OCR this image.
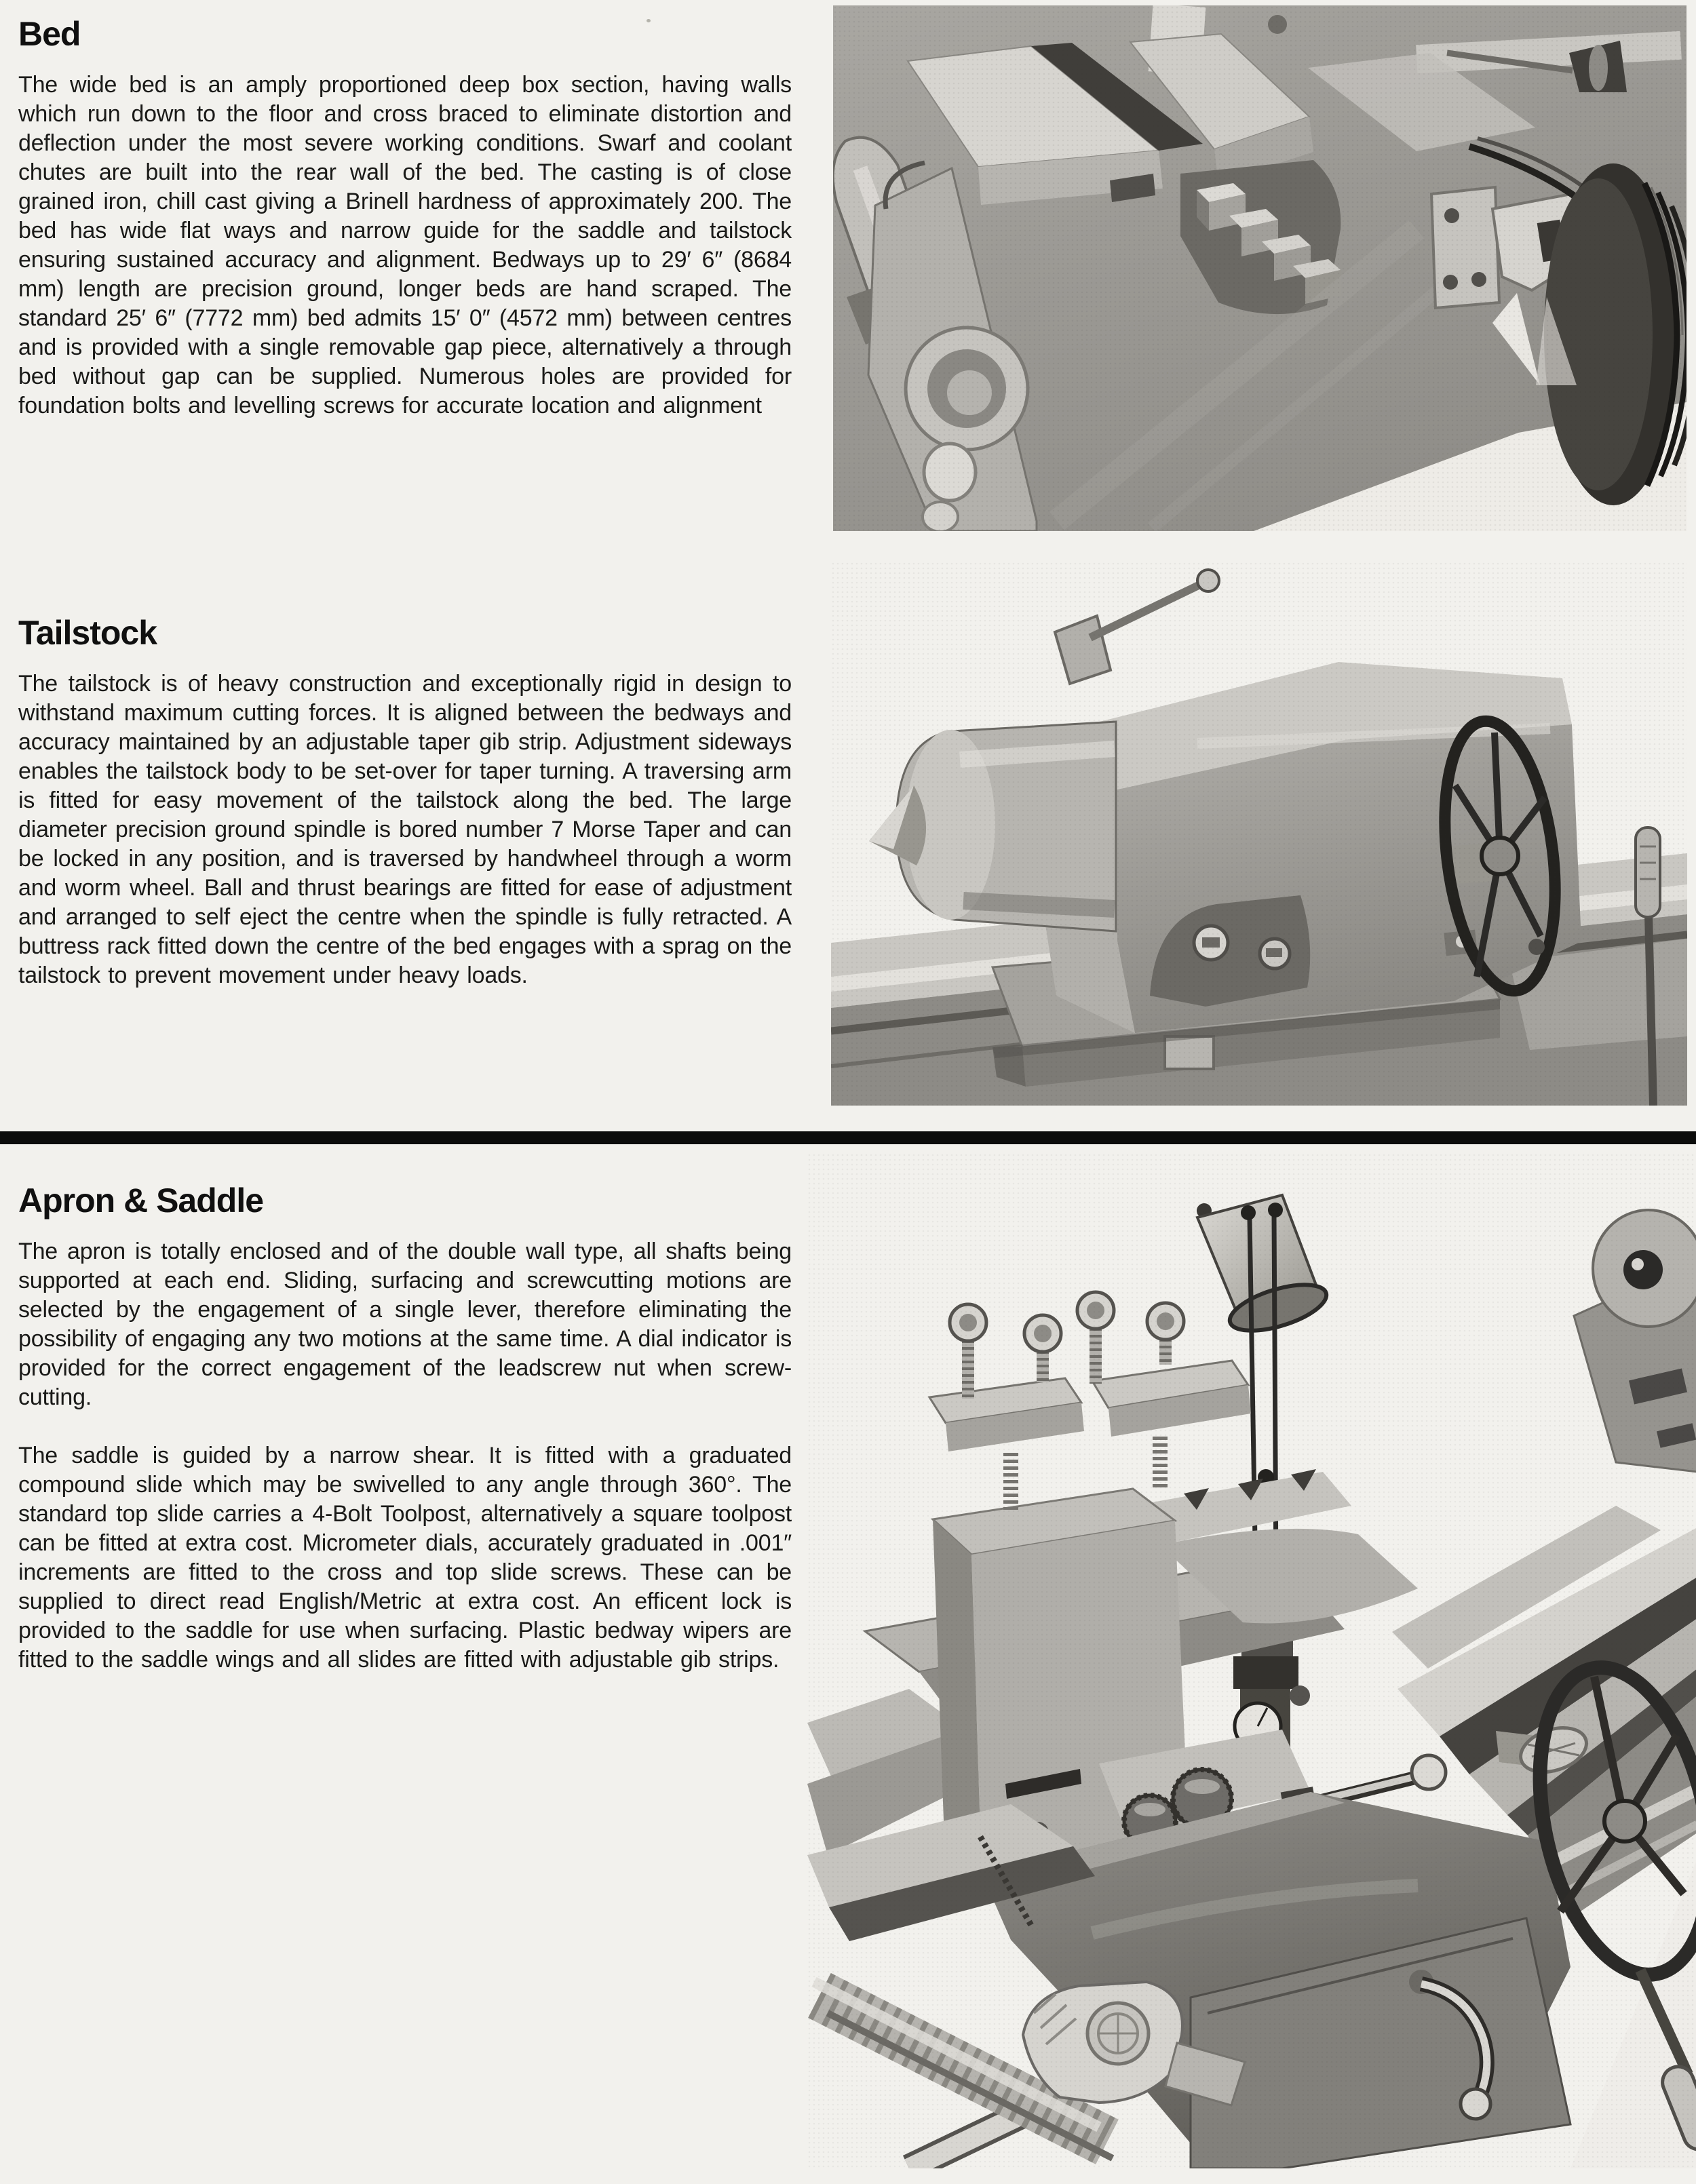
Bed

The wide bed is an amply proportioned deep box section, having walls which run down to the floor and cross braced to eliminate distortion and deflection under the most severe working conditions. Swarf and coolant chutes are built into the rear wall of the bed. The casting is of close grained iron, chill cast giving a Brinell hardness of approximately 200. The bed has wide flat ways and narrow guide for the saddle and tailstock ensuring sustained accuracy and alignment. Bedways up to 29′ 6″ (8684 mm) length are precision ground, longer beds are hand scraped. The standard 25′ 6″ (7772 mm) bed admits 15′ 0″ (4572 mm) between centres and is provided with a single removable gap piece, alternatively a through bed without gap can be supplied. Numerous holes are provided for foundation bolts and levelling screws for accurate location and alignment

Tailstock

The tailstock is of heavy construction and exceptionally rigid in design to withstand maximum cutting forces. It is aligned between the bedways and accuracy maintained by an adjustable taper gib strip. Adjustment sideways enables the tailstock body to be set-over for taper turning. A traversing arm is fitted for easy movement of the tailstock along the bed. The large diameter precision ground spindle is bored number 7 Morse Taper and can be locked in any position, and is traversed by handwheel through a worm and worm wheel. Ball and thrust bearings are fitted for ease of adjustment and arranged to self eject the centre when the spindle is fully retracted. A buttress rack fitted down the centre of the bed engages with a sprag on the tailstock to prevent movement under heavy loads.

Apron & Saddle

The apron is totally enclosed and of the double wall type, all shafts being supported at each end. Sliding, surfacing and screwcutting motions are selected by the engagement of a single lever, therefore eliminating the possibility of engaging any two motions at the same time. A dial indicator is provided for the correct engagement of the leadscrew nut when screw-cutting.

The saddle is guided by a narrow shear. It is fitted with a graduated compound slide which may be swivelled to any angle through 360°. The standard top slide carries a 4-Bolt Toolpost, alternatively a square toolpost can be fitted at extra cost. Micrometer dials, accurately graduated in .001″ increments are fitted to the cross and top slide screws. These can be supplied to direct read English/Metric at extra cost. An efficent lock is provided to the saddle for use when surfacing. Plastic bedway wipers are fitted to the saddle wings and all slides are fitted with adjustable gib strips.
